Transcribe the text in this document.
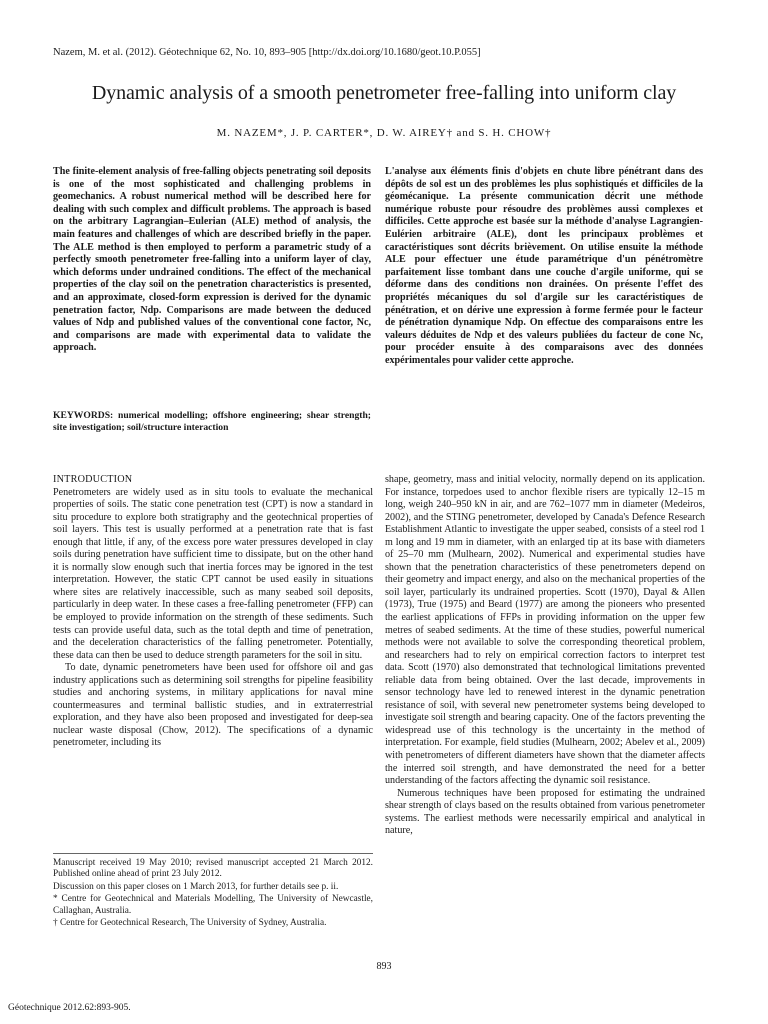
Nazem, M. et al. (2012). Géotechnique 62, No. 10, 893–905 [http://dx.doi.org/10.1680/geot.10.P.055]
Dynamic analysis of a smooth penetrometer free-falling into uniform clay
M. NAZEM*, J. P. CARTER*, D. W. AIREY† and S. H. CHOW†
The finite-element analysis of free-falling objects penetrating soil deposits is one of the most sophisticated and challenging problems in geomechanics. A robust numerical method will be described here for dealing with such complex and difficult problems. The approach is based on the arbitrary Lagrangian–Eulerian (ALE) method of analysis, the main features and challenges of which are described briefly in the paper. The ALE method is then employed to perform a parametric study of a perfectly smooth penetrometer free-falling into a uniform layer of clay, which deforms under undrained conditions. The effect of the mechanical properties of the clay soil on the penetration characteristics is presented, and an approximate, closed-form expression is derived for the dynamic penetration factor, Ndp. Comparisons are made between the deduced values of Ndp and published values of the conventional cone factor, Nc, and comparisons are made with experimental data to validate the approach.
KEYWORDS: numerical modelling; offshore engineering; shear strength; site investigation; soil/structure interaction
L'analyse aux éléments finis d'objets en chute libre pénétrant dans des dépôts de sol est un des problèmes les plus sophistiqués et difficiles de la géomécanique. La présente communication décrit une méthode numérique robuste pour résoudre des problèmes aussi complexes et difficiles. Cette approche est basée sur la méthode d'analyse Lagrangien-Eulérien arbitraire (ALE), dont les principaux problèmes et caractéristiques sont décrits brièvement. On utilise ensuite la méthode ALE pour effectuer une étude paramétrique d'un pénétromètre parfaitement lisse tombant dans une couche d'argile uniforme, qui se déforme dans des conditions non drainées. On présente l'effet des propriétés mécaniques du sol d'argile sur les caractéristiques de pénétration, et on dérive une expression à forme fermée pour le facteur de pénétration dynamique Ndp. On effectue des comparaisons entre les valeurs déduites de Ndp et des valeurs publiées du facteur de cone Nc, pour procéder ensuite à des comparaisons avec des données expérimentales pour valider cette approche.
INTRODUCTION

Penetrometers are widely used as in situ tools to evaluate the mechanical properties of soils. The static cone penetration test (CPT) is now a standard in situ procedure to explore both stratigraphy and the geotechnical properties of soil layers. This test is usually performed at a penetration rate that is fast enough that little, if any, of the excess pore water pressures developed in clay soils during penetration have sufficient time to dissipate, but on the other hand it is normally slow enough such that inertia forces may be ignored in the test interpretation. However, the static CPT cannot be used easily in situations where sites are relatively inaccessible, such as many seabed soil deposits, particularly in deep water. In these cases a free-falling penetrometer (FFP) can be employed to provide information on the strength of these sediments. Such tests can provide useful data, such as the total depth and time of penetration, and the deceleration characteristics of the falling penetrometer. Potentially, these data can then be used to deduce strength parameters for the soil in situ.

To date, dynamic penetrometers have been used for offshore oil and gas industry applications such as determining soil strengths for pipeline feasibility studies and anchoring systems, in military applications for naval mine countermeasures and terminal ballistic studies, and in extraterrestrial exploration, and they have also been proposed and investigated for deep-sea nuclear waste disposal (Chow, 2012). The specifications of a dynamic penetrometer, including its

shape, geometry, mass and initial velocity, normally depend on its application. For instance, torpedoes used to anchor flexible risers are typically 12–15 m long, weigh 240–950 kN in air, and are 762–1077 mm in diameter (Medeiros, 2002), and the STING penetrometer, developed by Canada's Defence Research Establishment Atlantic to investigate the upper seabed, consists of a steel rod 1 m long and 19 mm in diameter, with an enlarged tip at its base with diameters of 25–70 mm (Mulhearn, 2002). Numerical and experimental studies have shown that the penetration characteristics of these penetrometers depend on their geometry and impact energy, and also on the mechanical properties of the soil layer, particularly its undrained properties. Scott (1970), Dayal & Allen (1973), True (1975) and Beard (1977) are among the pioneers who presented the earliest applications of FFPs in providing information on the upper few metres of seabed sediments. At the time of these studies, powerful numerical methods were not available to solve the corresponding theoretical problem, and researchers had to rely on empirical correction factors to interpret test data. Scott (1970) also demonstrated that technological limitations prevented reliable data from being obtained. Over the last decade, improvements in sensor technology have led to renewed interest in the dynamic penetration resistance of soil, with several new penetrometer systems being developed to investigate soil strength and bearing capacity. One of the factors preventing the widespread use of this technology is the uncertainty in the method of interpretation. For example, field studies (Mulhearn, 2002; Abelev et al., 2009) with penetrometers of different diameters have shown that the diameter affects the interred soil strength, and have demonstrated the need for a better understanding of the factors affecting the dynamic soil resistance.

Numerous techniques have been proposed for estimating the undrained shear strength of clays based on the results obtained from various penetrometer systems. The earliest methods were necessarily empirical and analytical in nature,

Manuscript received 19 May 2010; revised manuscript accepted 21 March 2012. Published online ahead of print 23 July 2012.

Discussion on this paper closes on 1 March 2013, for further details see p. ii.

* Centre for Geotechnical and Materials Modelling, The University of Newcastle, Callaghan, Australia.

† Centre for Geotechnical Research, The University of Sydney, Australia.

893
Géotechnique 2012.62:893-905.
